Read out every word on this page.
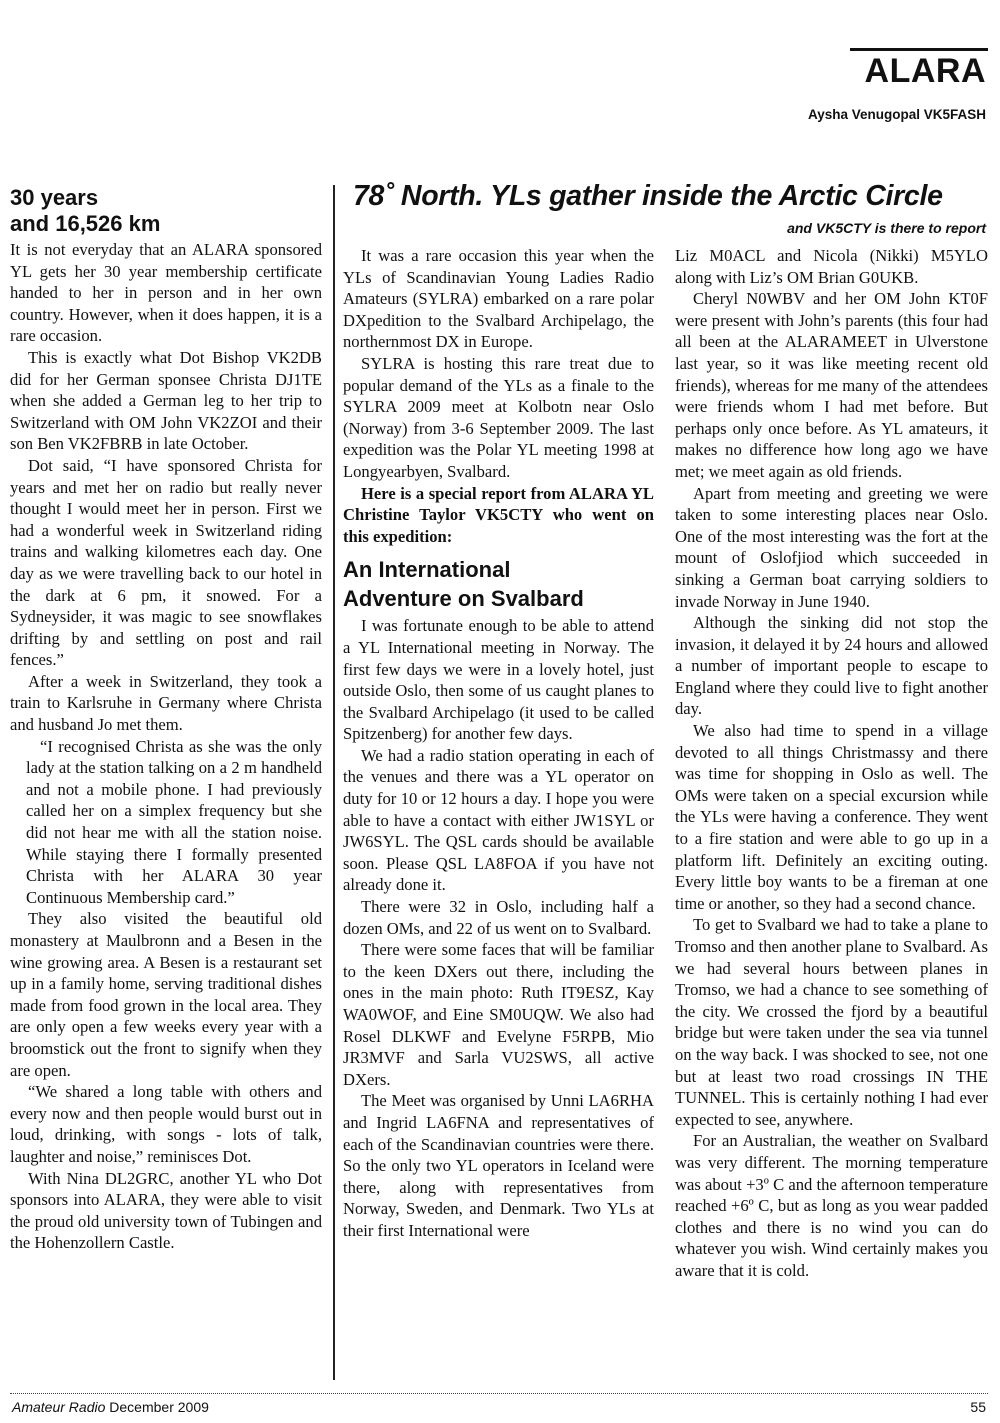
ALARA
Aysha Venugopal VK5FASH
30 years
and 16,526 km

It is not everyday that an ALARA sponsored YL gets her 30 year membership certificate handed to her in person and in her own country. However, when it does happen, it is a rare occasion.

This is exactly what Dot Bishop VK2DB did for her German sponsee Christa DJ1TE when she added a German leg to her trip to Switzerland with OM John VK2ZOI and their son Ben VK2FBRB in late October.

Dot said, “I have sponsored Christa for years and met her on radio but really never thought I would meet her in person. First we had a wonderful week in Switzerland riding trains and walking kilometres each day. One day as we were travelling back to our hotel in the dark at 6 pm, it snowed. For a Sydneysider, it was magic to see snowflakes drifting by and settling on post and rail fences.”

After a week in Switzerland, they took a train to Karlsruhe in Germany where Christa and husband Jo met them.

“I recognised Christa as she was the only lady at the station talking on a 2 m handheld and not a mobile phone. I had previously called her on a simplex frequency but she did not hear me with all the station noise. While staying there I formally presented Christa with her ALARA 30 year Continuous Membership card.”

They also visited the beautiful old monastery at Maulbronn and a Besen in the wine growing area. A Besen is a restaurant set up in a family home, serving traditional dishes made from food grown in the local area. They are only open a few weeks every year with a broomstick out the front to signify when they are open.

“We shared a long table with others and every now and then people would burst out in loud, drinking, with songs - lots of talk, laughter and noise,” reminisces Dot.

With Nina DL2GRC, another YL who Dot sponsors into ALARA, they were able to visit the proud old university town of Tubingen and the Hohenzollern Castle.

78˚ North. YLs gather inside the Arctic Circle
and VK5CTY is there to report

It was a rare occasion this year when the YLs of Scandinavian Young Ladies Radio Amateurs (SYLRA) embarked on a rare polar DXpedition to the Svalbard Archipelago, the northernmost DX in Europe.

SYLRA is hosting this rare treat due to popular demand of the YLs as a finale to the SYLRA 2009 meet at Kolbotn near Oslo (Norway) from 3-6 September 2009. The last expedition was the Polar YL meeting 1998 at Longyearbyen, Svalbard.

Here is a special report from ALARA YL Christine Taylor VK5CTY who went on this expedition:

An International
Adventure on Svalbard

I was fortunate enough to be able to attend a YL International meeting in Norway. The first few days we were in a lovely hotel, just outside Oslo, then some of us caught planes to the Svalbard Archipelago (it used to be called Spitzenberg) for another few days.

We had a radio station operating in each of the venues and there was a YL operator on duty for 10 or 12 hours a day. I hope you were able to have a contact with either JW1SYL or JW6SYL. The QSL cards should be available soon. Please QSL LA8FOA if you have not already done it.

There were 32 in Oslo, including half a dozen OMs, and 22 of us went on to Svalbard.

There were some faces that will be familiar to the keen DXers out there, including the ones in the main photo: Ruth IT9ESZ, Kay WA0WOF, and Eine SM0UQW. We also had Rosel DLKWF and Evelyne F5RPB, Mio JR3MVF and Sarla VU2SWS, all active DXers.

The Meet was organised by Unni LA6RHA and Ingrid LA6FNA and representatives of each of the Scandinavian countries were there. So the only two YL operators in Iceland were there, along with representatives from Norway, Sweden, and Denmark. Two YLs at their first International were

Liz M0ACL and Nicola (Nikki) M5YLO along with Liz’s OM Brian G0UKB.

Cheryl N0WBV and her OM John KT0F were present with John’s parents (this four had all been at the ALARAMEET in Ulverstone last year, so it was like meeting recent old friends), whereas for me many of the attendees were friends whom I had met before. But perhaps only once before. As YL amateurs, it makes no difference how long ago we have met; we meet again as old friends.

Apart from meeting and greeting we were taken to some interesting places near Oslo. One of the most interesting was the fort at the mount of Oslofjiod which succeeded in sinking a German boat carrying soldiers to invade Norway in June 1940.

Although the sinking did not stop the invasion, it delayed it by 24 hours and allowed a number of important people to escape to England where they could live to fight another day.

We also had time to spend in a village devoted to all things Christmassy and there was time for shopping in Oslo as well. The OMs were taken on a special excursion while the YLs were having a conference. They went to a fire station and were able to go up in a platform lift. Definitely an exciting outing. Every little boy wants to be a fireman at one time or another, so they had a second chance.

To get to Svalbard we had to take a plane to Tromso and then another plane to Svalbard. As we had several hours between planes in Tromso, we had a chance to see something of the city. We crossed the fjord by a beautiful bridge but were taken under the sea via tunnel on the way back. I was shocked to see, not one but at least two road crossings IN THE TUNNEL. This is certainly nothing I had ever expected to see, anywhere.

For an Australian, the weather on Svalbard was very different. The morning temperature was about +3º C and the afternoon temperature reached +6º C, but as long as you wear padded clothes and there is no wind you can do whatever you wish. Wind certainly makes you aware that it is cold.

Amateur Radio December 2009	55
